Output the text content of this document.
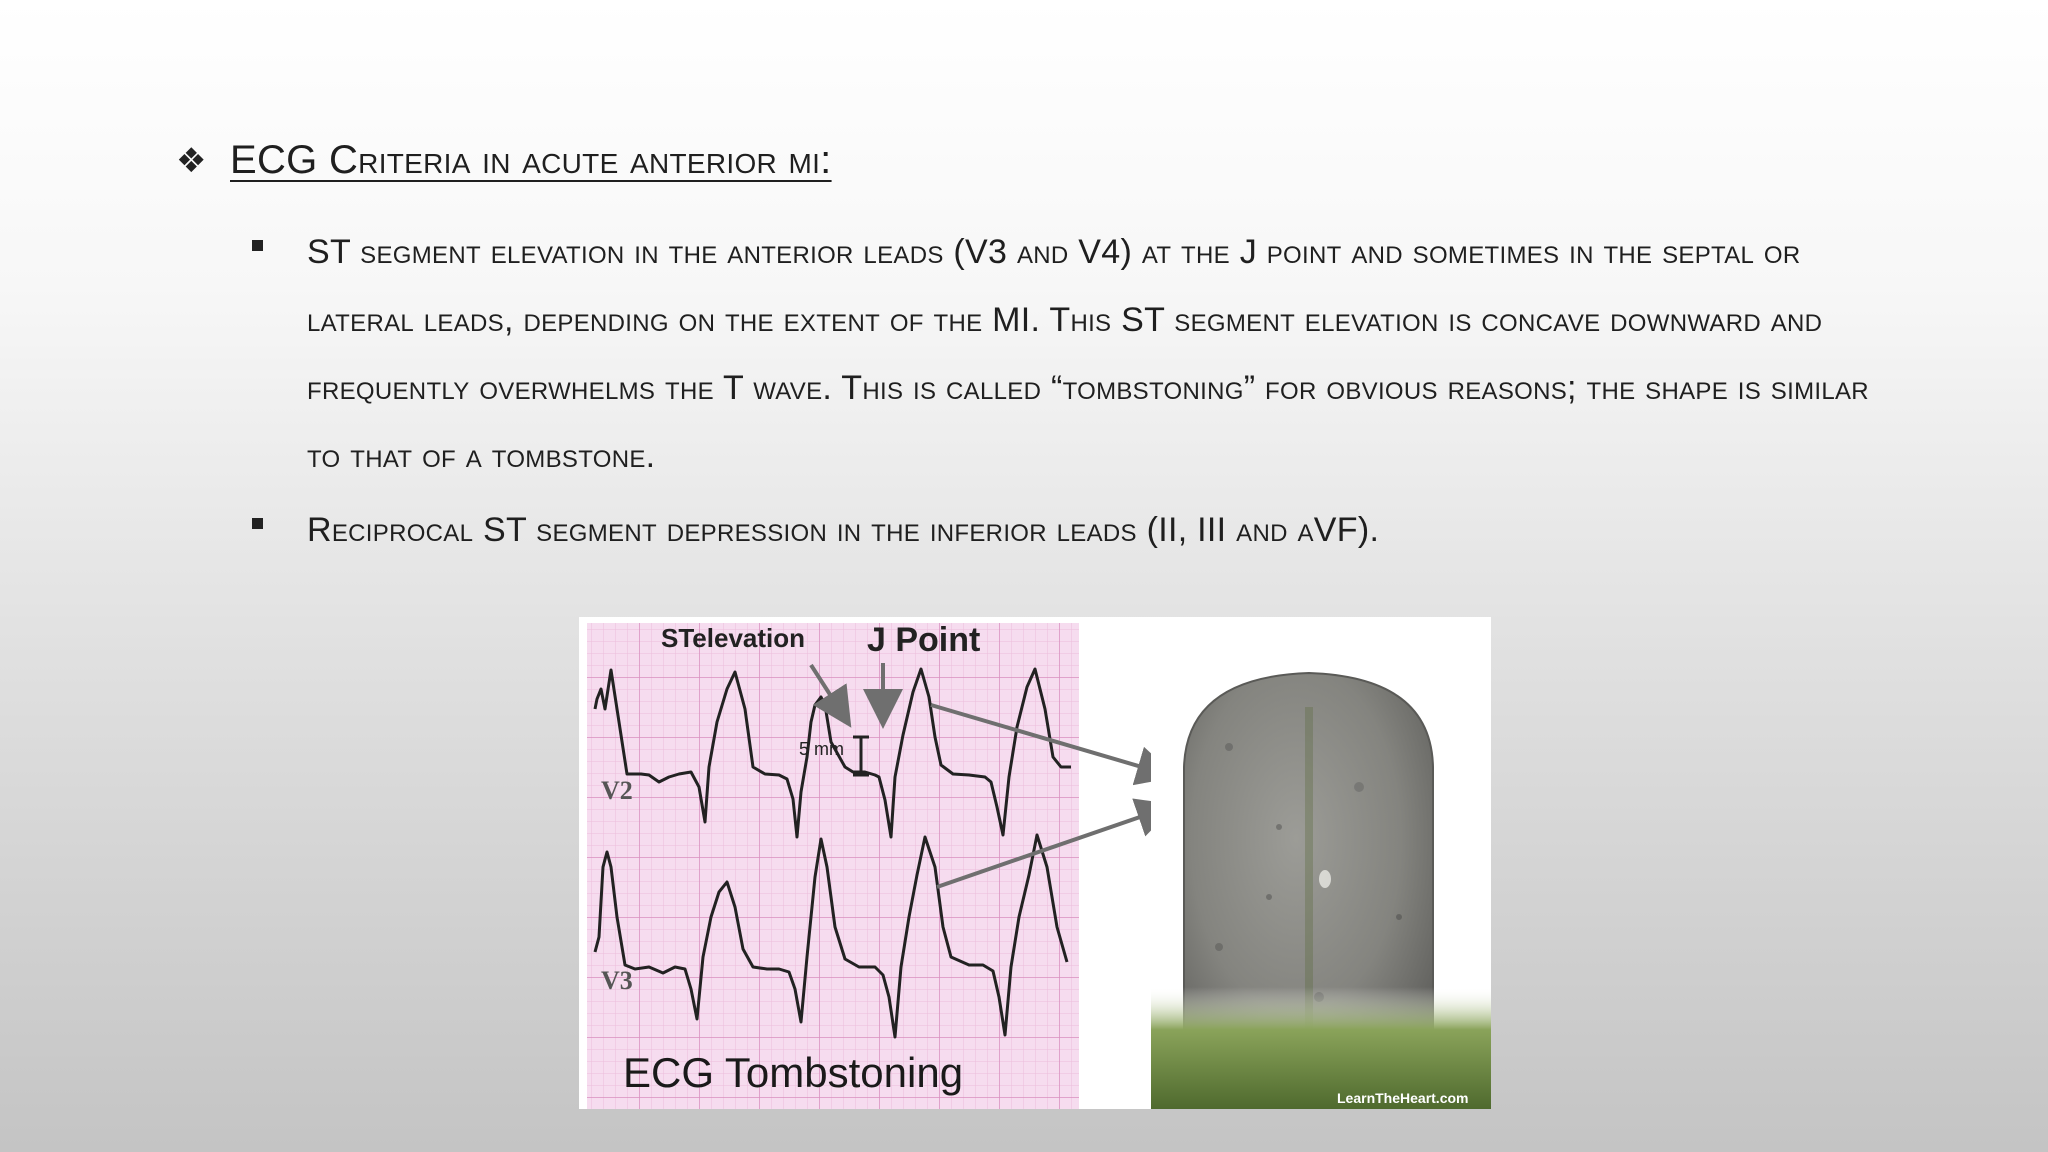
❖ ECG Criteria in acute anterior mi:
ST segment elevation in the anterior leads (V3 and V4) at the J point and sometimes in the septal or lateral leads, depending on the extent of the MI. This ST segment elevation is concave downward and frequently overwhelms the T wave. This is called “tombstoning” for obvious reasons; the shape is similar to that of a tombstone.
Reciprocal ST segment depression in the inferior leads (II, III and aVF).
STelevation J Point
5 mm
V2
V3
ECG Tombstoning
LearnTheHeart.com
